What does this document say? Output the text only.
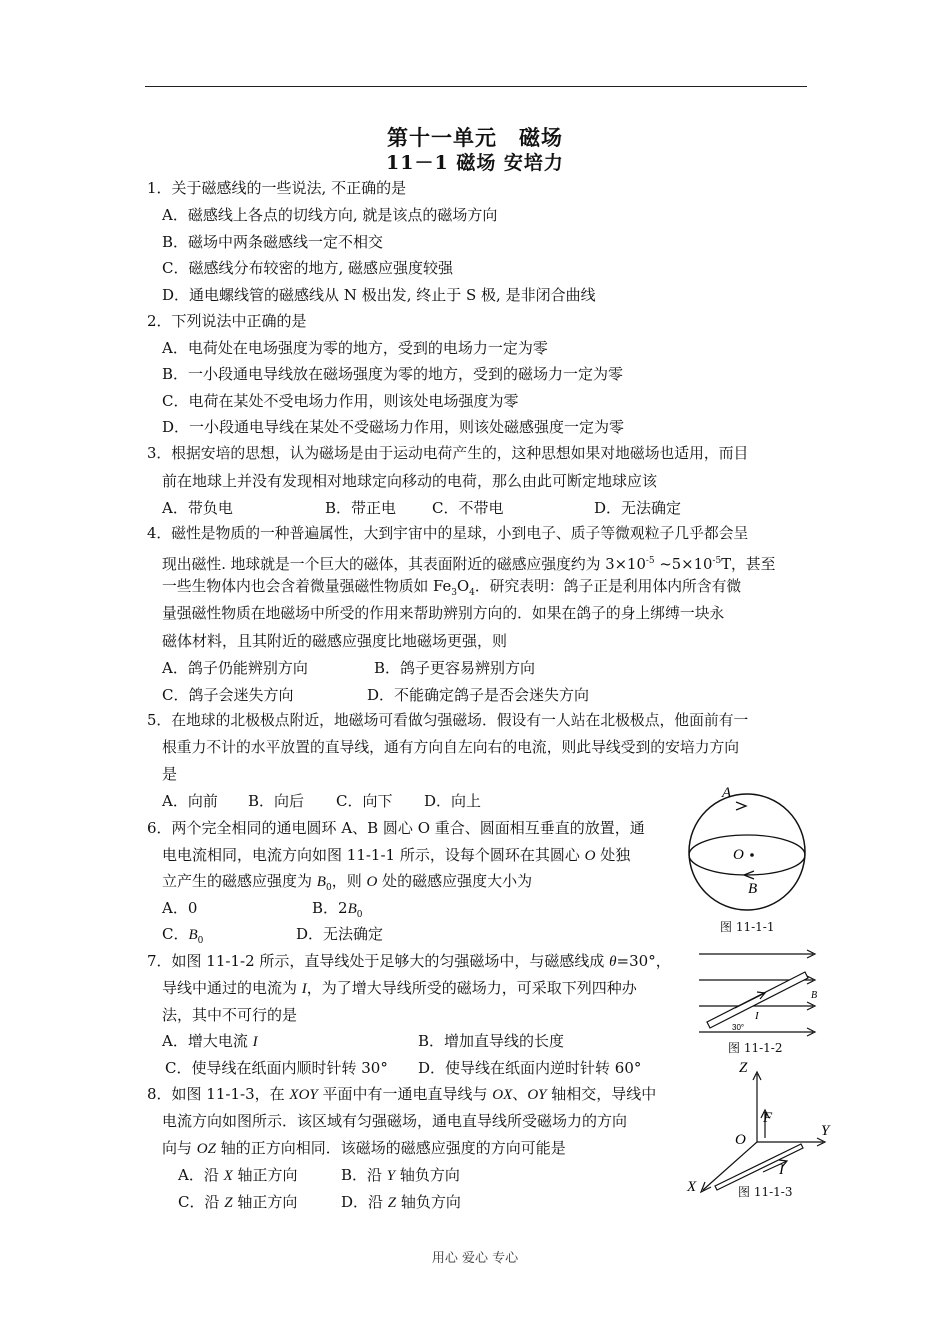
第十一单元　磁场
11－1 磁场 安培力
1．关于磁感线的一些说法, 不正确的是
A．磁感线上各点的切线方向, 就是该点的磁场方向
B．磁场中两条磁感线一定不相交
C．磁感线分布较密的地方, 磁感应强度较强
D．通电螺线管的磁感线从 N 极出发, 终止于 S 极, 是非闭合曲线
2．下列说法中正确的是
A．电荷处在电场强度为零的地方，受到的电场力一定为零
B．一小段通电导线放在磁场强度为零的地方，受到的磁场力一定为零
C．电荷在某处不受电场力作用，则该处电场强度为零
D．一小段通电导线在某处不受磁场力作用，则该处磁感强度一定为零
3．根据安培的思想，认为磁场是由于运动电荷产生的，这种思想如果对地磁场也适用，而目
前在地球上并没有发现相对地球定向移动的电荷，那么由此可断定地球应该
A．带负电	B．带正电 C．不带电	D．无法确定
4．磁性是物质的一种普遍属性，大到宇宙中的星球，小到电子、质子等微观粒子几乎都会呈
现出磁性. 地球就是一个巨大的磁体，其表面附近的磁感应强度约为 $3\times 10^{-5}$ $\sim 5\times 10^{-5}T$，甚至
一些生物体内也会含着微量强磁性物质如 $Fe_3O_4$．研究表明：鸽子正是利用体内所含有微
量强磁性物质在地磁场中所受的作用来帮助辨别方向的．如果在鸽子的身上绑缚一块永
磁体材料，且其附近的磁感应强度比地磁场更强，则
A．鸽子仍能辨别方向	B．鸽子更容易辨别方向
C．鸽子会迷失方向	D．不能确定鸽子是否会迷失方向
5．在地球的北极极点附近，地磁场可看做匀强磁场．假设有一人站在北极极点，他面前有一
根重力不计的水平放置的直导线，通有方向自左向右的电流，则此导线受到的安培力方向
是
A．向前 B．向后 C．向下 D．向上
6．两个完全相同的通电圆环 A、B 圆心 O 重合、圆面相互垂直的放置，通
电电流相同，电流方向如图 11-1-1 所示，设每个圆环在其圆心 O 处独
立产生的磁感应强度为 $B_0$，则 O 处的磁感应强度大小为
A．0	B．$2B_0$
C．$B_0$	D．无法确定
7．如图 11-1-2 所示，直导线处于足够大的匀强磁场中，与磁感线成 θ=30°，
导线中通过的电流为 I，为了增大导线所受的磁场力，可采取下列四种办
法，其中不可行的是
A．增大电流 I	B．增加直导线的长度
C．使导线在纸面内顺时针转 30° D．使导线在纸面内逆时针转 60°
8．如图 11-1-3，在 XOY 平面中有一通电直导线与 OX、OY 轴相交，导线中
电流方向如图所示．该区域有匀强磁场，通电直导线所受磁场力的方向
向与 OZ 轴的正方向相同．该磁场的磁感应强度的方向可能是
A．沿 X 轴正方向	B．沿 Y 轴负方向
C．沿 Z 轴正方向	D．沿 Z 轴负方向
A
O
B
图 11-1-1
B
I
30°
图 11-1-2
Z
Y
X
O
F
I
图 11-1-3
用心 爱心 专心
